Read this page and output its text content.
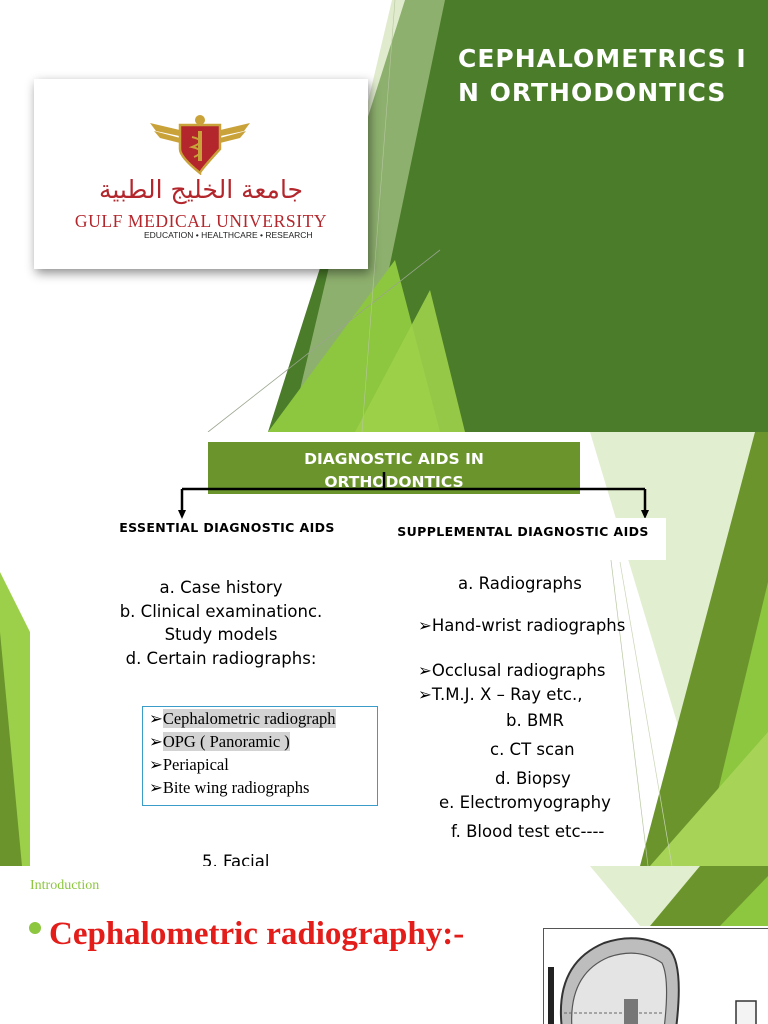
CEPHALOMETRICS IN ORTHODONTICS
جامعة الخليج الطبية
GULF MEDICAL UNIVERSITY
EDUCATION • HEALTHCARE • RESEARCH
DIAGNOSTIC AIDS IN ORTHODONTICS
ESSENTIAL DIAGNOSTIC AIDS	SUPPLEMENTAL DIAGNOSTIC AIDS
a. Case history
b. Clinical examinationc. Study models
d. Certain radiographs:
➢Cephalometric radiograph
➢OPG ( Panoramic )
➢Periapical
➢Bite wing radiographs
5. Facial
a. Radiographs
➢Hand-wrist radiographs
➢Occlusal radiographs
➢T.M.J. X – Ray etc.,
b. BMR
c. CT scan
d. Biopsy
e. Electromyography
f. Blood test etc----
Introduction
Cephalometric radiography:-
